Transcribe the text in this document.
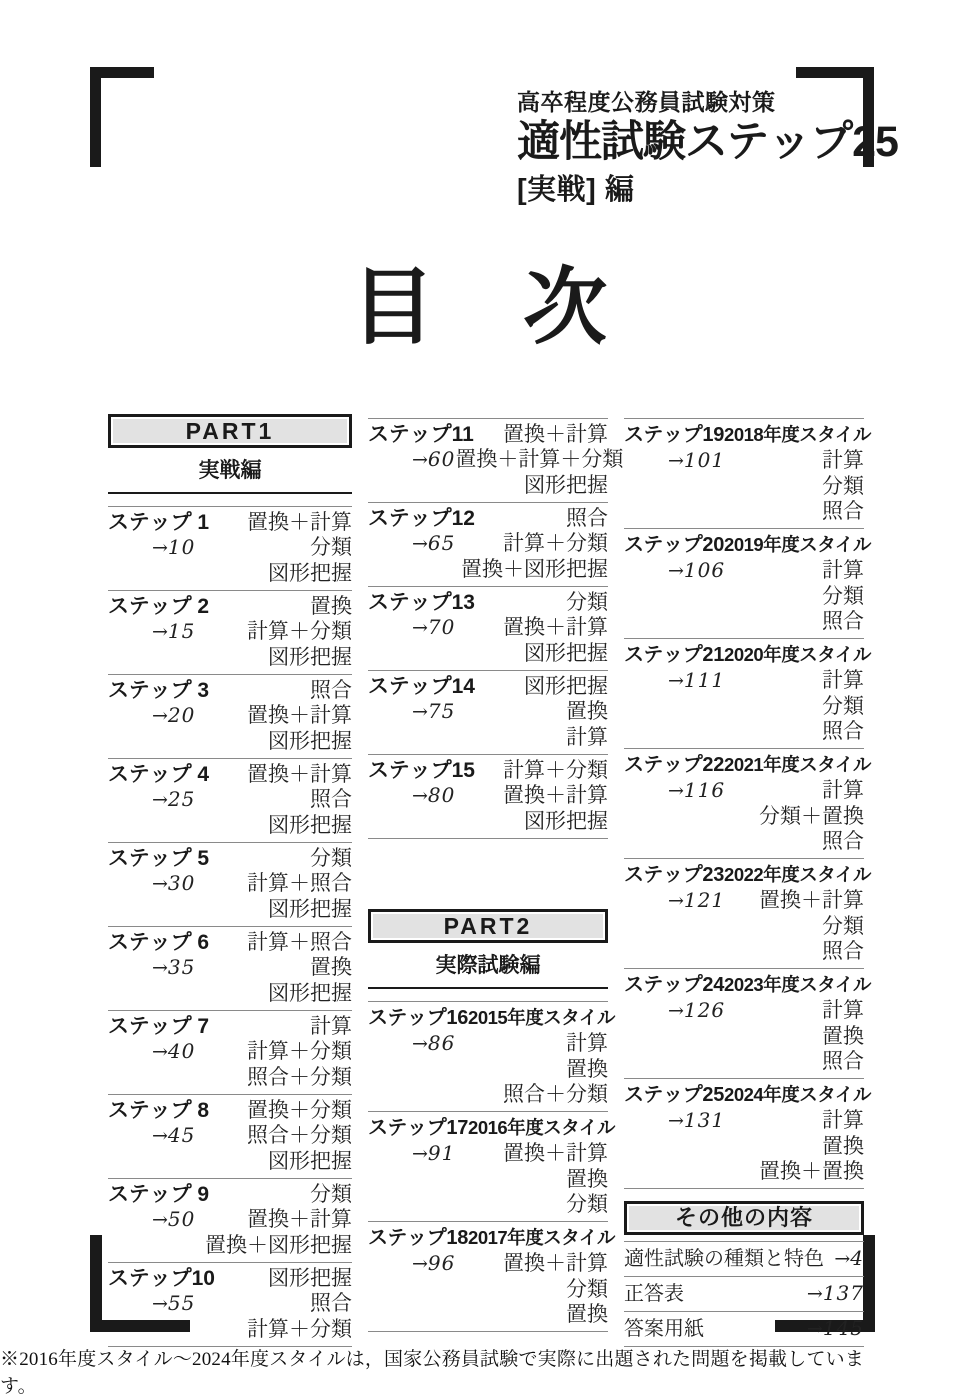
高卒程度公務員試験対策
適性試験ステップ25
[実戦] 編
目　次
PART1
実戦編
ステップ 1 置換＋計算
→10	分類
図形把握
ステップ 2	置換
→15 計算＋分類
図形把握
ステップ 3	照合
→20 置換＋計算
図形把握
ステップ 4 置換＋計算
→25	照合
図形把握
ステップ 5	分類
→30 計算＋照合
図形把握
ステップ 6 計算＋照合
→35	置換
図形把握
ステップ 7	計算
→40 計算＋分類
照合＋分類
ステップ 8 置換＋分類
→45 照合＋分類
図形把握
ステップ 9	分類
→50 置換＋計算
置換＋図形把握
ステップ10	図形把握
→55	照合
計算＋分類
ステップ11 置換＋計算
→60 置換＋計算＋分類
図形把握
ステップ12	照合
→65 計算＋分類
置換＋図形把握
ステップ13	分類
→70 置換＋計算
図形把握
ステップ14 図形把握
→75	置換
計算
ステップ15 計算＋分類
→80 置換＋計算
図形把握
PART2
実際試験編
ステップ16 2015年度スタイル
→86	計算
置換
照合＋分類
ステップ17 2016年度スタイル
→91 置換＋計算
置換
分類
ステップ18 2017年度スタイル
→96 置換＋計算
分類
置換
ステップ19 2018年度スタイル
→101	計算
分類
照合
ステップ20 2019年度スタイル
→106	計算
分類
照合
ステップ21 2020年度スタイル
→111	計算
分類
照合
ステップ22 2021年度スタイル
→116	計算
分類＋置換
照合
ステップ23 2022年度スタイル
→121 置換＋計算
分類
照合
ステップ24 2023年度スタイル
→126	計算
置換
照合
ステップ25 2024年度スタイル
→131	計算
置換
置換＋置換
その他の内容
適性試験の種類と特色 →4
正答表	→137
答案用紙	→145
※2016年度スタイル～2024年度スタイルは，国家公務員試験で実際に出題された問題を掲載しています。
